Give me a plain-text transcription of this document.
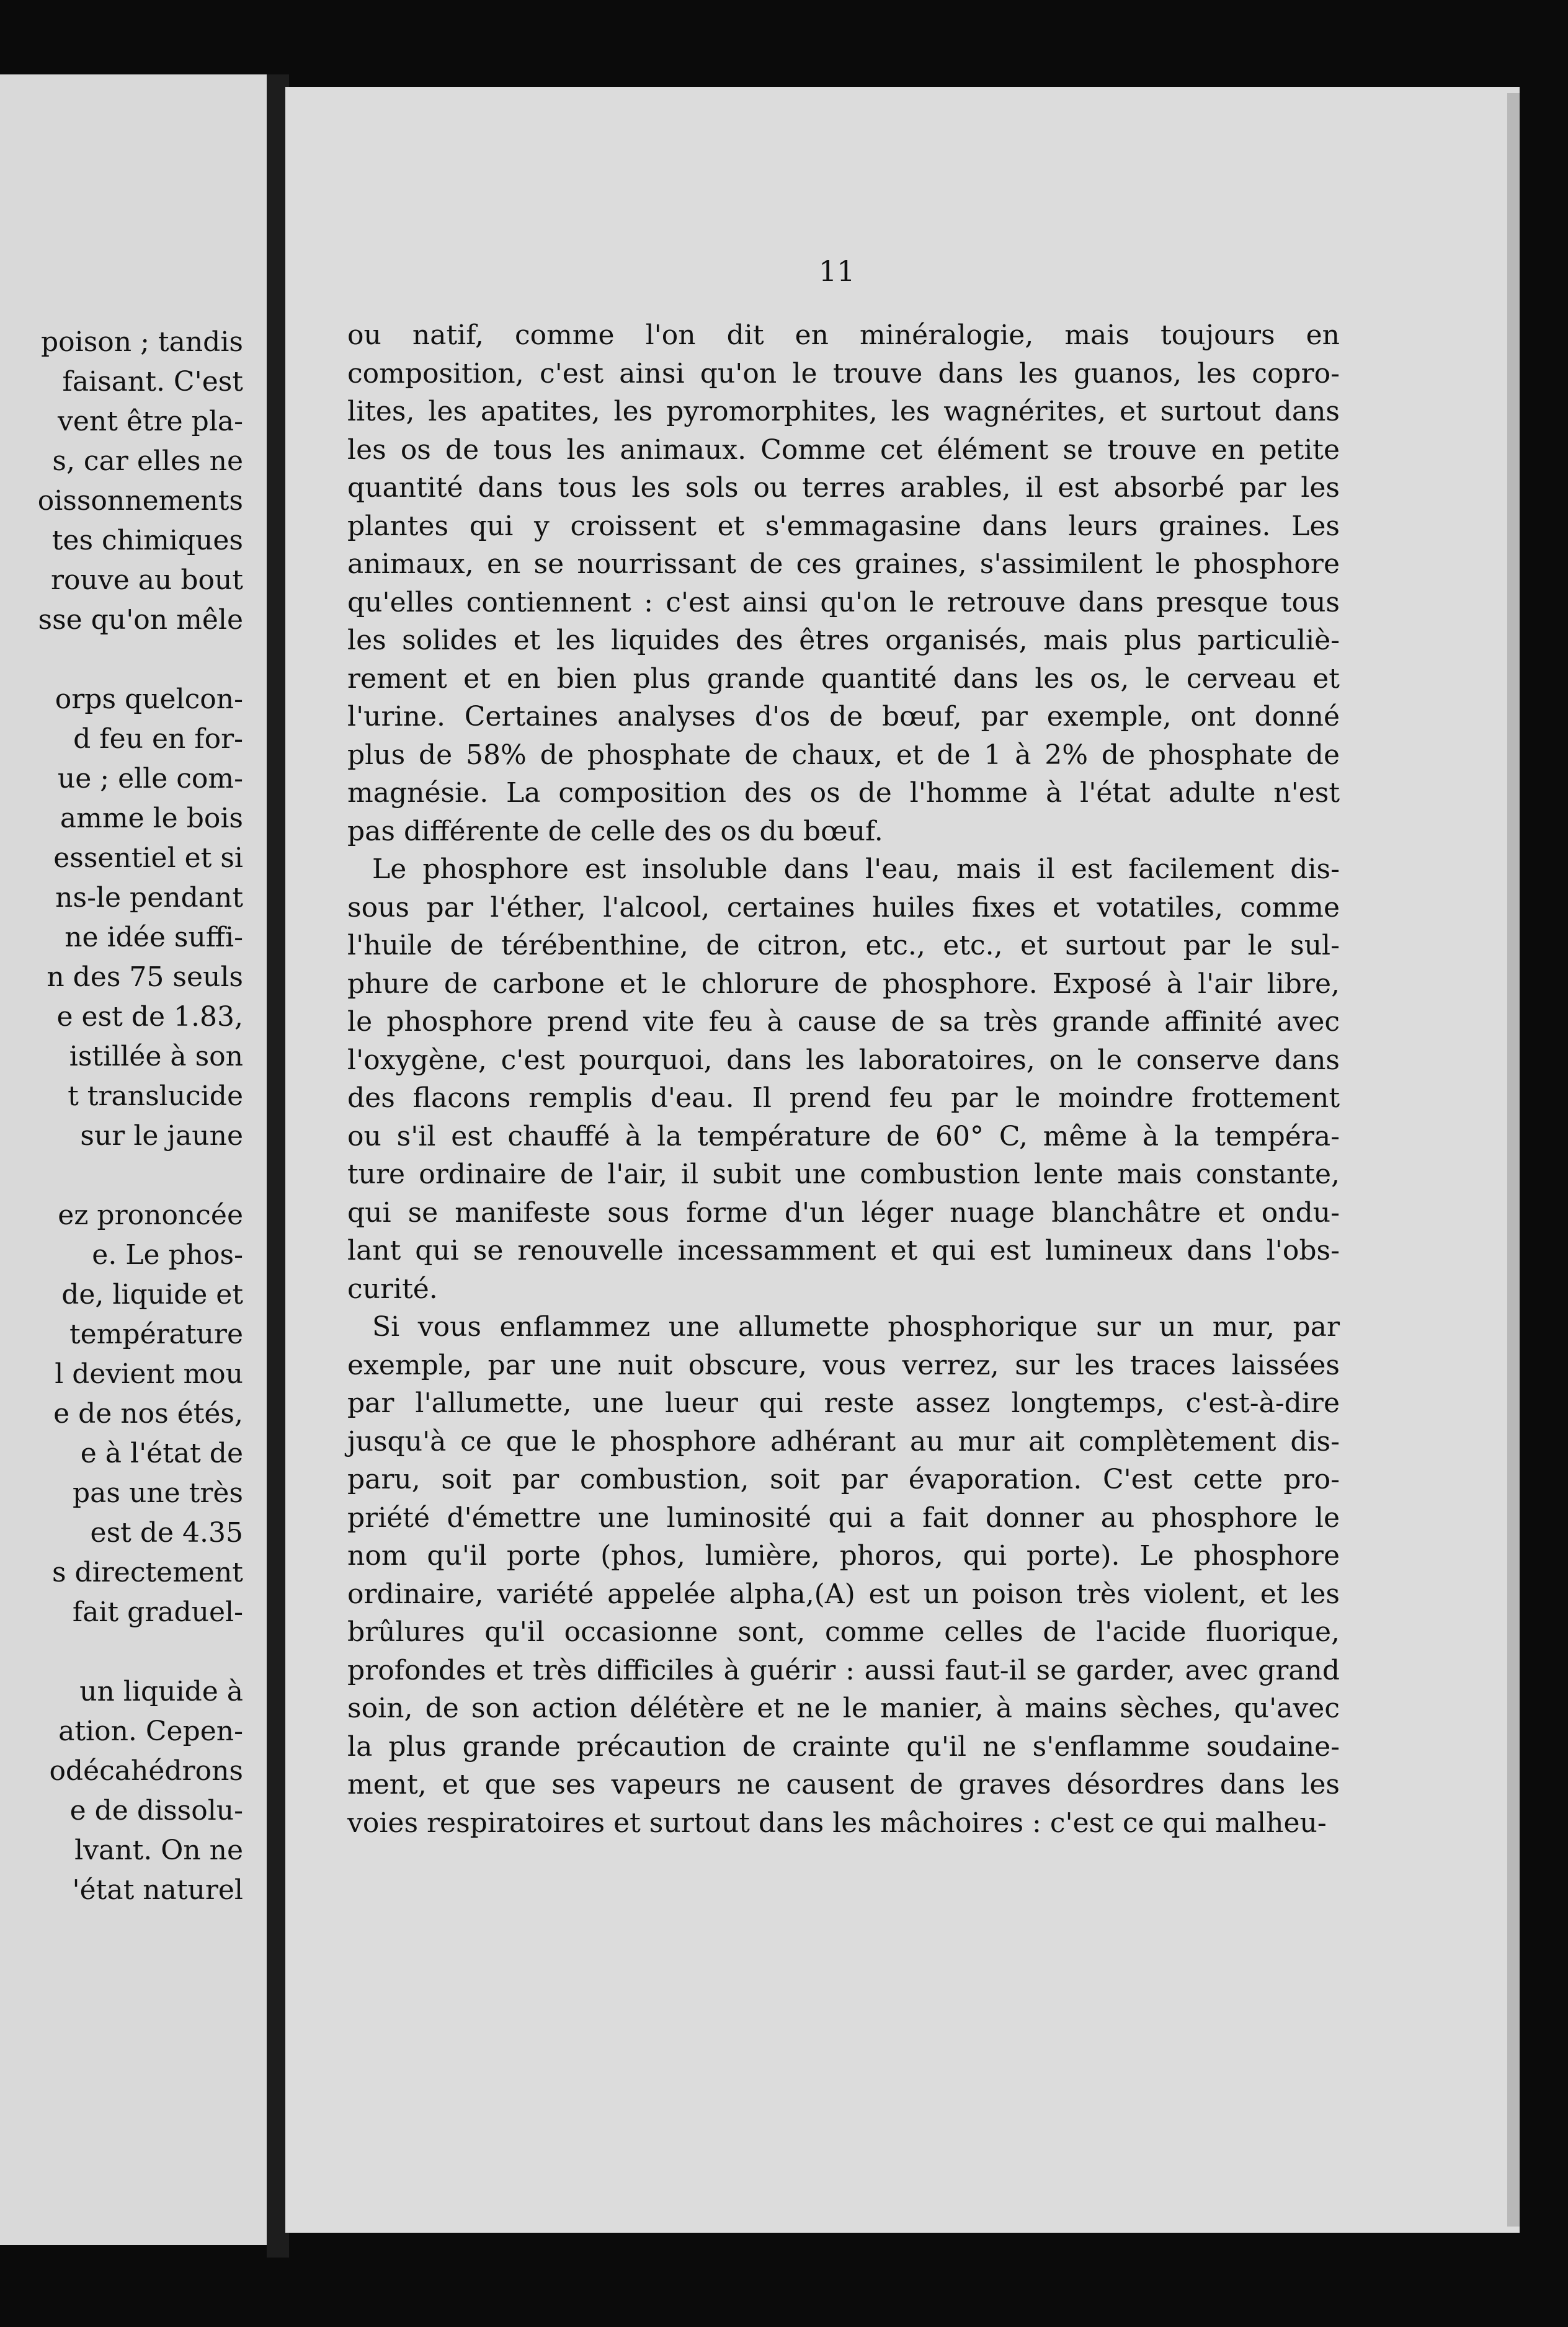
poison ; tandis
faisant. C'est
vent être pla-
s, car elles ne
oissonnements
tes chimiques
rouve au bout
sse qu'on mêle

orps quelcon-
d feu en for-
ue ; elle com-
amme le bois
essentiel et si
ns-le pendant
ne idée suffi-
n des 75 seuls
e est de 1.83,
istillée à son
t translucide
sur le jaune

ez prononcée
e. Le phos-
de, liquide et
température
l devient mou
e de nos étés,
e à l'état de
pas une très
est de 4.35
s directement
fait graduel-

un liquide à
ation. Cepen-
odécahédrons
e de dissolu-
lvant. On ne
'état naturel
11
ou natif, comme l'on dit en minéralogie, mais toujours en
composition, c'est ainsi qu'on le trouve dans les guanos, les copro-
lites, les apatites, les pyromorphites, les wagnérites, et surtout dans
les os de tous les animaux. Comme cet élément se trouve en petite
quantité dans tous les sols ou terres arables, il est absorbé par les
plantes qui y croissent et s'emmagasine dans leurs graines. Les
animaux, en se nourrissant de ces graines, s'assimilent le phosphore
qu'elles contiennent : c'est ainsi qu'on le retrouve dans presque tous
les solides et les liquides des êtres organisés, mais plus particuliè-
rement et en bien plus grande quantité dans les os, le cerveau et
l'urine. Certaines analyses d'os de bœuf, par exemple, ont donné
plus de 58% de phosphate de chaux, et de 1 à 2% de phosphate de
magnésie. La composition des os de l'homme à l'état adulte n'est
pas différente de celle des os du bœuf.
Le phosphore est insoluble dans l'eau, mais il est facilement dis-
sous par l'éther, l'alcool, certaines huiles fixes et votatiles, comme
l'huile de térébenthine, de citron, etc., etc., et surtout par le sul-
phure de carbone et le chlorure de phosphore. Exposé à l'air libre,
le phosphore prend vite feu à cause de sa très grande affinité avec
l'oxygène, c'est pourquoi, dans les laboratoires, on le conserve dans
des flacons remplis d'eau. Il prend feu par le moindre frottement
ou s'il est chauffé à la température de 60° C, même à la tempéra-
ture ordinaire de l'air, il subit une combustion lente mais constante,
qui se manifeste sous forme d'un léger nuage blanchâtre et ondu-
lant qui se renouvelle incessamment et qui est lumineux dans l'obs-
curité.
Si vous enflammez une allumette phosphorique sur un mur, par
exemple, par une nuit obscure, vous verrez, sur les traces laissées
par l'allumette, une lueur qui reste assez longtemps, c'est-à-dire
jusqu'à ce que le phosphore adhérant au mur ait complètement dis-
paru, soit par combustion, soit par évaporation. C'est cette pro-
priété d'émettre une luminosité qui a fait donner au phosphore le
nom qu'il porte (phos, lumière, phoros, qui porte). Le phosphore
ordinaire, variété appelée alpha,(A) est un poison très violent, et les
brûlures qu'il occasionne sont, comme celles de l'acide fluorique,
profondes et très difficiles à guérir : aussi faut-il se garder, avec grand
soin, de son action délétère et ne le manier, à mains sèches, qu'avec
la plus grande précaution de crainte qu'il ne s'enflamme soudaine-
ment, et que ses vapeurs ne causent de graves désordres dans les
voies respiratoires et surtout dans les mâchoires : c'est ce qui malheu-
